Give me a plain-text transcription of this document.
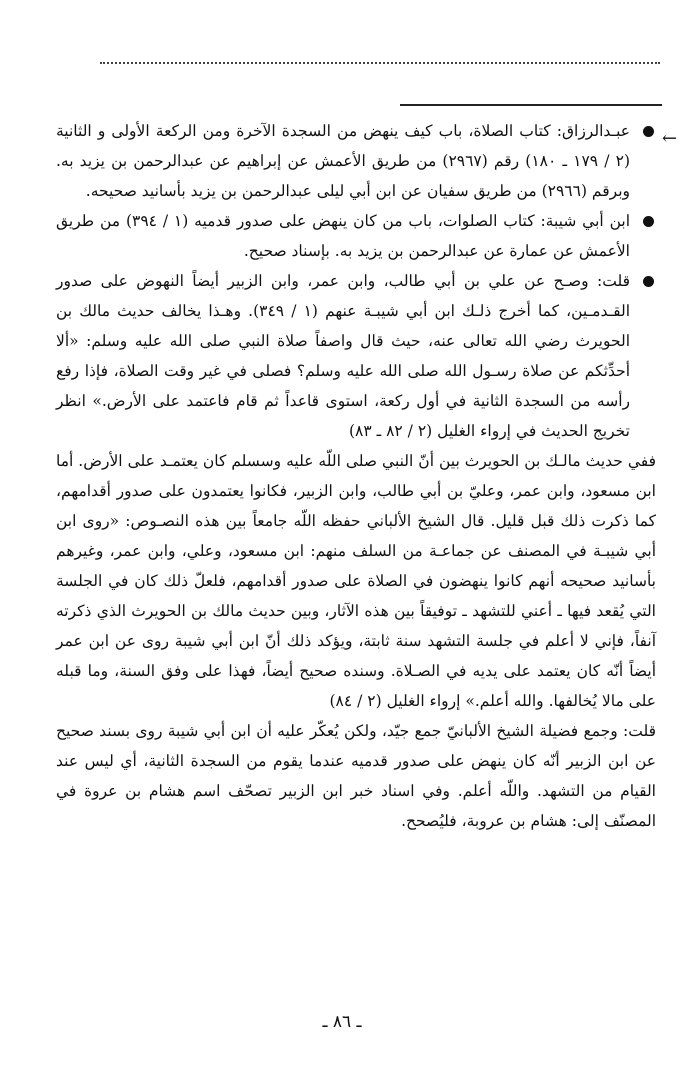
←

عبـدالرزاق: كتاب الصلاة، باب كيف ينهض من السجدة الآخرة ومن الركعة الأولى و الثانية (٢ / ١٧٩ ـ ١٨٠) رقم (٢٩٦٧) من طريق الأعمش عن إبراهيم عن عبدالرحمن بن يزيد به. وبرقم (٢٩٦٦) من طريق سفيان عن ابن أبي ليلى عبدالرحمن بن يزيد بأسانيد صحيحه.

ابن أبي شيبة: كتاب الصلوات، باب من كان ينهض على صدور قدميه (١ / ٣٩٤) من طريق الأعمش عن عمارة عن عبدالرحمن بن يزيد به. بإسناد صحيح.

قلت: وصـح عن علي بن أبي طالب، وابن عمر، وابن الزبير أيضاً النهوض على صدور القـدمـين، كما أخرج ذلـك ابن أبي شيبـة عنهم (١ / ٣٤٩). وهـذا يخالف حديث مالك بن الحويرث رضي الله تعالى عنه، حيث قال واصفاً صلاة النبي صلى الله عليه وسلم: «ألا أحدِّثكم عن صلاة رسـول الله صلى الله عليه وسلم؟ فصلى في غير وقت الصلاة، فإذا رفع رأسه من السجدة الثانية في أول ركعة، استوى قاعداً ثم قام فاعتمد على الأرض.» انظر تخريج الحديث في إرواء الغليل (٢ / ٨٢ ـ ٨٣)

ففي حديث مالـك بن الحويرث بين أنّ النبي صلى اللّه عليه وسسلم كان يعتمـد على الأرض. أما ابن مسعود، وابن عمر، وعليّ بن أبي طالب، وابن الزبير، فكانوا يعتمدون على صدور أقدامهم، كما ذكرت ذلك قبل قليل. قال الشيخ الألباني حفظه اللّه جامعاً بين هذه النصـوص: «روى ابن أبي شيبـة في المصنف عن جماعـة من السلف منهم: ابن مسعود، وعلي، وابن عمر، وغيرهم بأسانيد صحيحه أنهم كانوا ينهضون في الصلاة على صدور أقدامهم، فلعلّ ذلك كان في الجلسة التي يُقعد فيها ـ أعني للتشهد ـ توفيقاً بين هذه الآثار، وبين حديث مالك بن الحويرث الذي ذكرته آنفاً، فإني لا أعلم في جلسة التشهد سنة ثابتة، ويؤكد ذلك أنّ ابن أبي شيبة روى عن ابن عمر أيضاً أنّه كان يعتمد على يديه في الصـلاة. وسنده صحيح أيضاً، فهذا على وفق السنة، وما قبله على مالا يُخالفها. والله أعلم.» إرواء الغليل (٢ / ٨٤)

قلت: وجمع فضيلة الشيخ الألبانيّ جمع جيّد، ولكن يُعكّر عليه أن ابن أبي شيبة روى بسند صحيح عن ابن الزبير أنّه كان ينهض على صدور قدميه عندما يقوم من السجدة الثانية، أي ليس عند القيام من التشهد. واللّه أعلم. وفي اسناد خبر ابن الزبير تصحّف اسم هشام بن عروة في المصنّف إلى: هشام بن عروبة، فليُصحح.

ـ ٨٦ ـ
